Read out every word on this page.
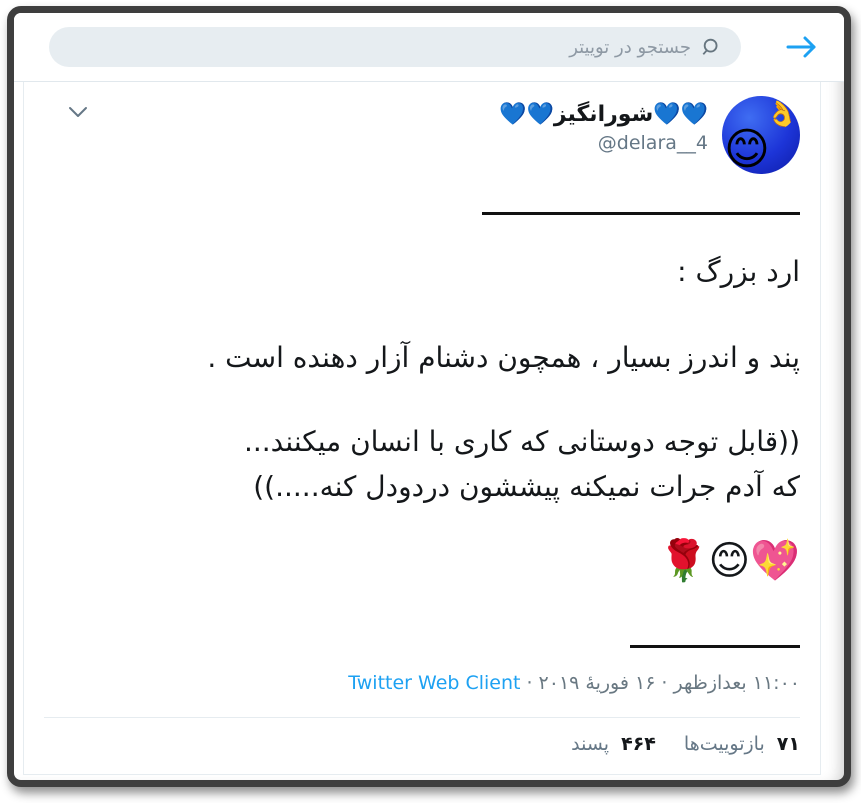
جستجو در توییتر
😊
👌
💙💙شورانگیز💙💙
@delara__4
ارد بزرگ :
پند و اندرز بسیار ، همچون دشنام آزار دهنده است .
((قابل توجه دوستانی که کاری با انسان میکنند...
که آدم جرات نمیکنه پیششون دردودل کنه.....))
🌹😊💖
۱۱:۰۰ بعدازظهر·۱۶ فوریهٔ ۲۰۱۹·Twitter Web Client
۷۱ بازتوییت‌ها
۴۶۴ پسند
